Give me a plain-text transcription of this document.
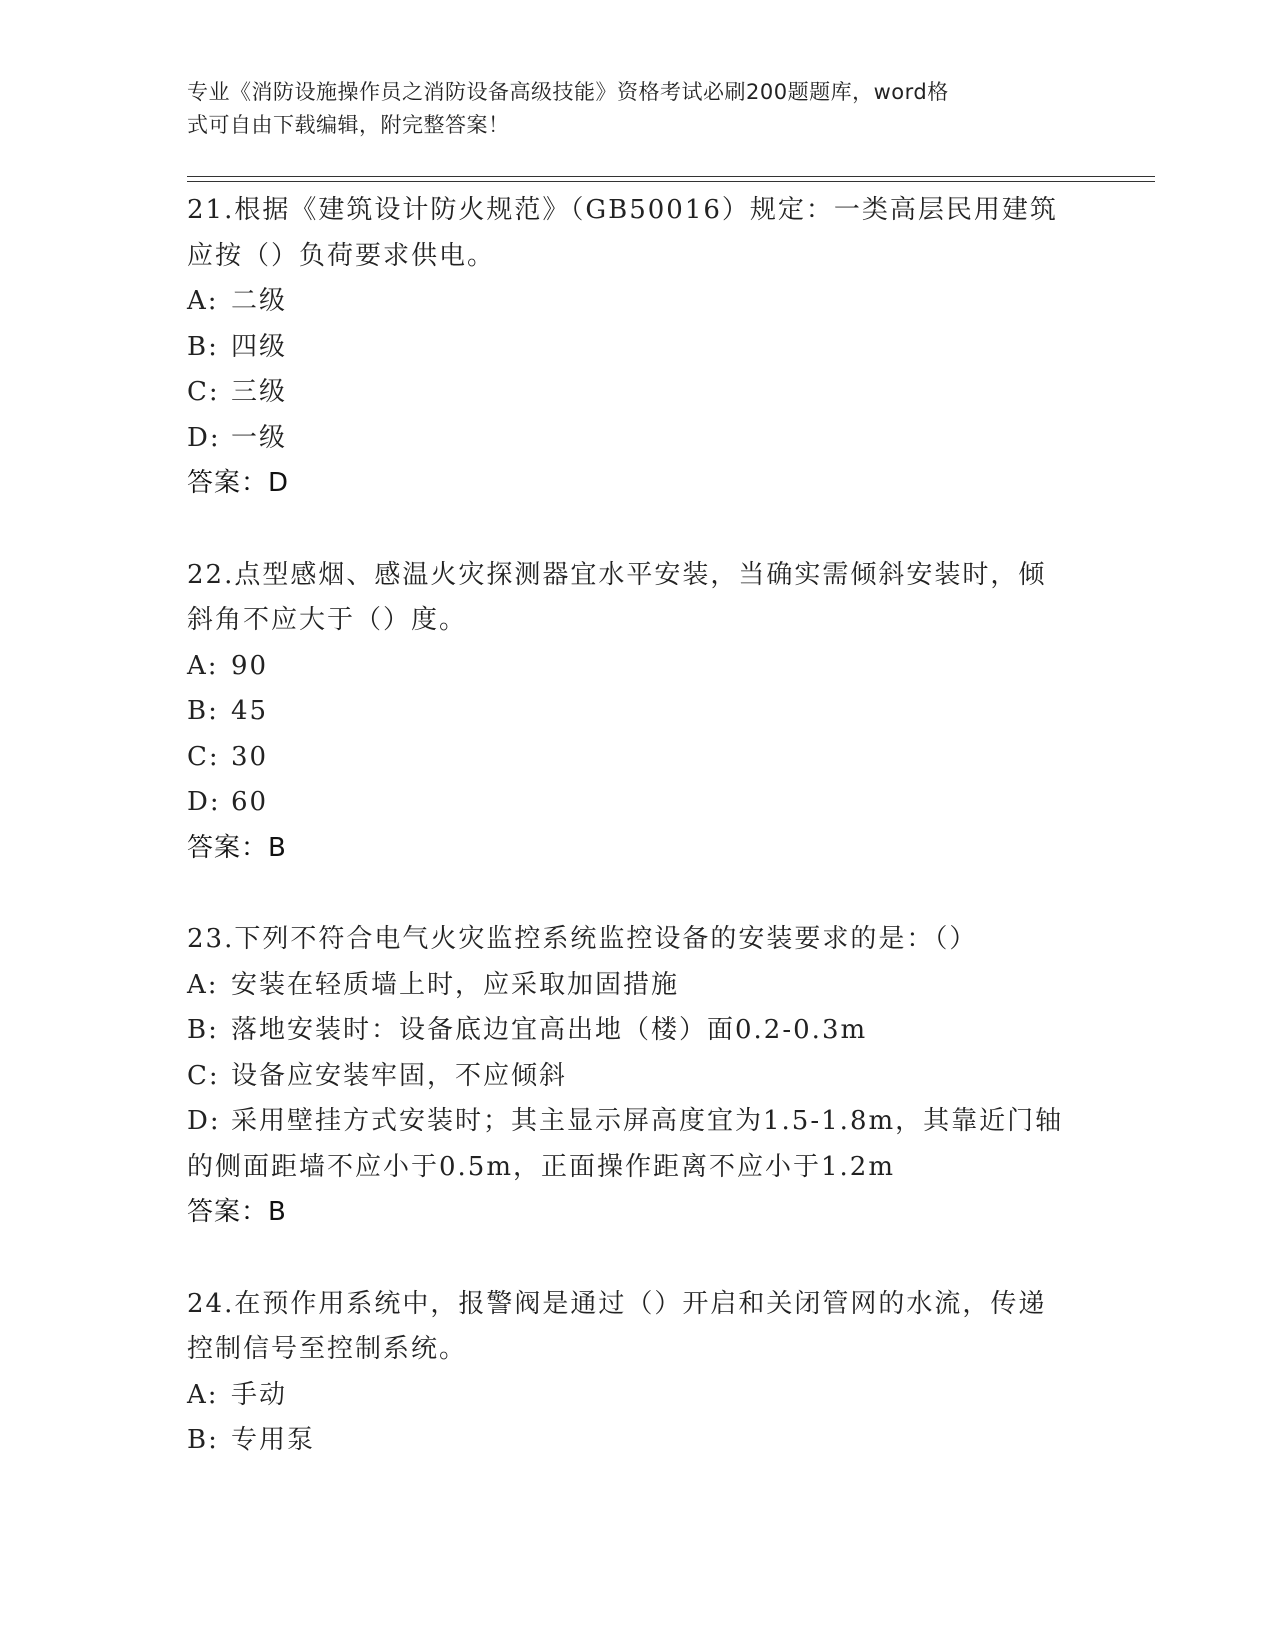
专业《消防设施操作员之消防设备高级技能》资格考试必刷200题题库，word格
式可自由下载编辑，附完整答案！
21.根据《建筑设计防火规范》（GB50016）规定：一类高层民用建筑
应按（）负荷要求供电。
A: 二级
B: 四级
C: 三级
D: 一级
答案：D
22.点型感烟、感温火灾探测器宜水平安装，当确实需倾斜安装时，倾
斜角不应大于（）度。
A: 90
B: 45
C: 30
D: 60
答案：B
23.下列不符合电气火灾监控系统监控设备的安装要求的是：（）
A: 安装在轻质墙上时，应采取加固措施
B: 落地安装时：设备底边宜高出地（楼）面0.2-0.3m
C: 设备应安装牢固，不应倾斜
D: 采用壁挂方式安装时；其主显示屏高度宜为1.5-1.8m，其靠近门轴
的侧面距墙不应小于0.5m，正面操作距离不应小于1.2m
答案：B
24.在预作用系统中，报警阀是通过（）开启和关闭管网的水流，传递
控制信号至控制系统。
A: 手动
B: 专用泵
